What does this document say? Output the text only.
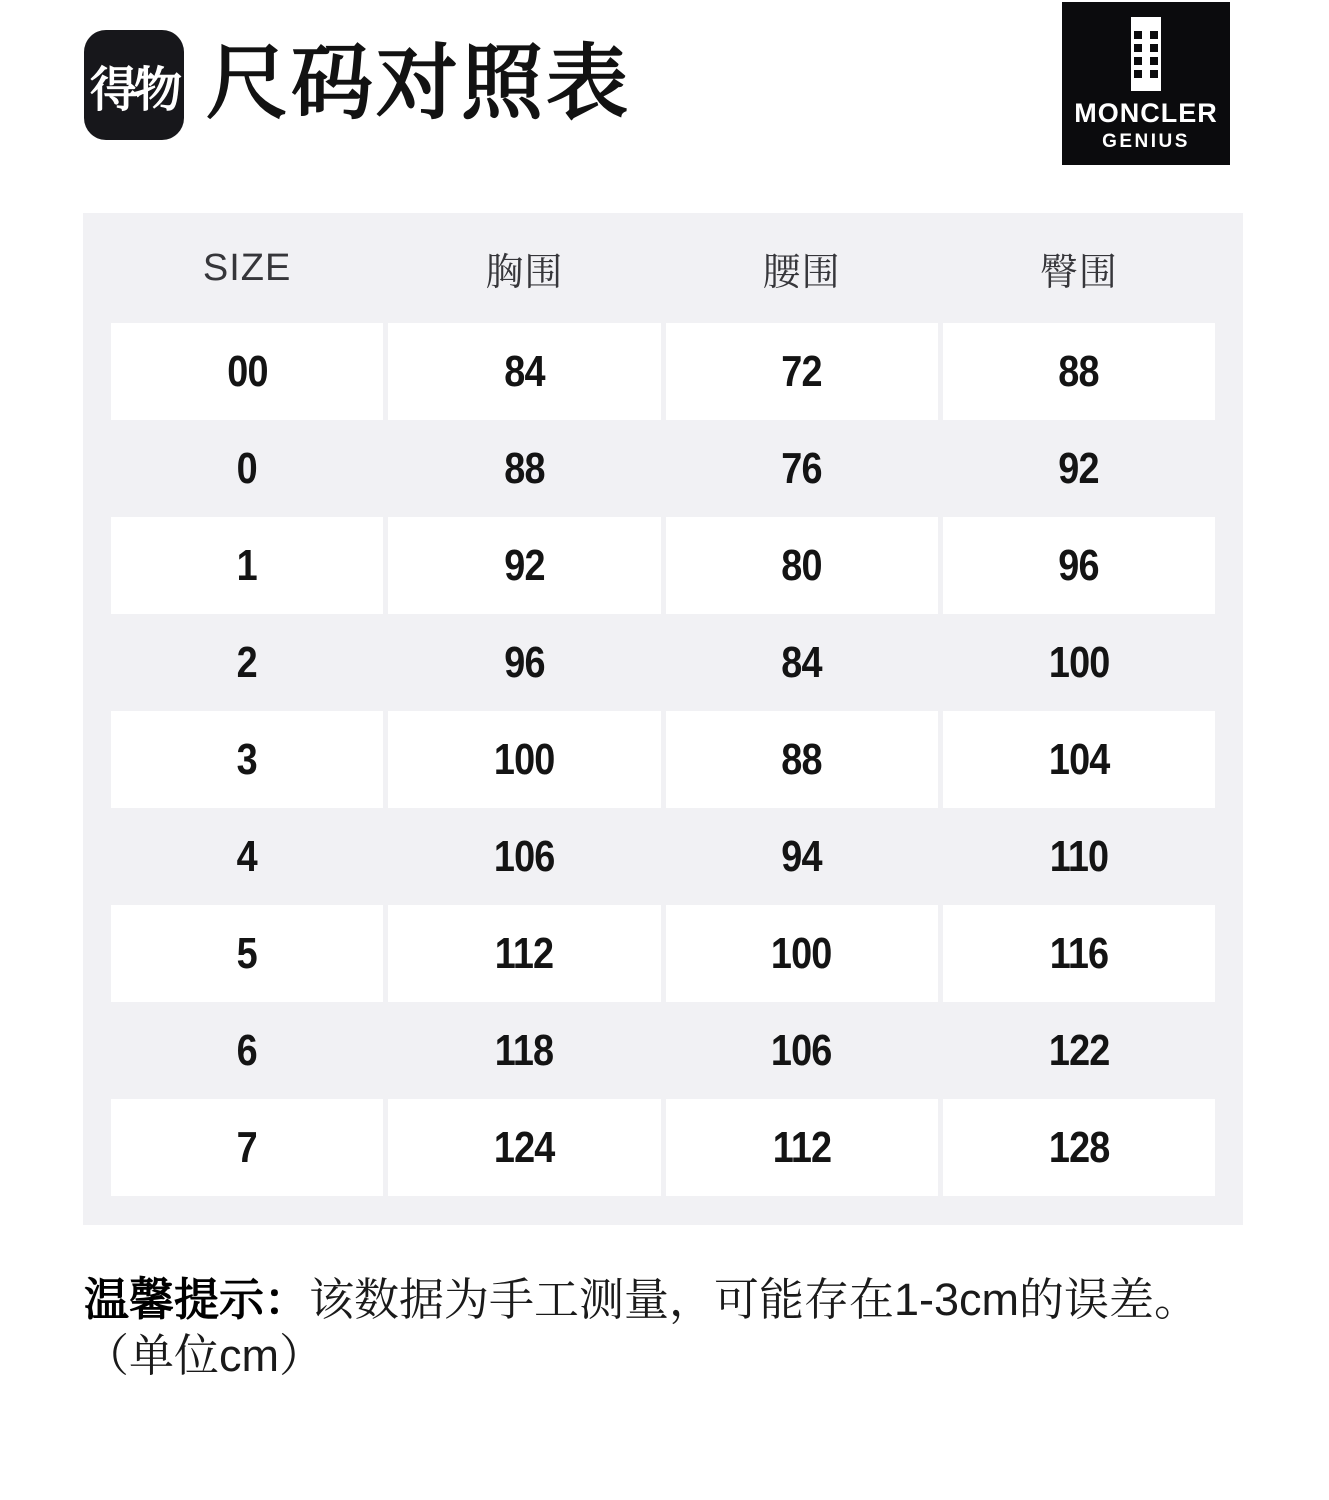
得物 尺码对照表	MONCLER
GENIUS
SIZE	胸围	腰围	臀围
00	84	72	88
0	88	76	92
1	92	80	96
2	96	84	100
3	100	88	104
4	106	94	110
5	112	100	116
6	118	106	122
7	124	112	128

温馨提示：该数据为手工测量，可能存在1-3cm的误差。

（单位cm）
